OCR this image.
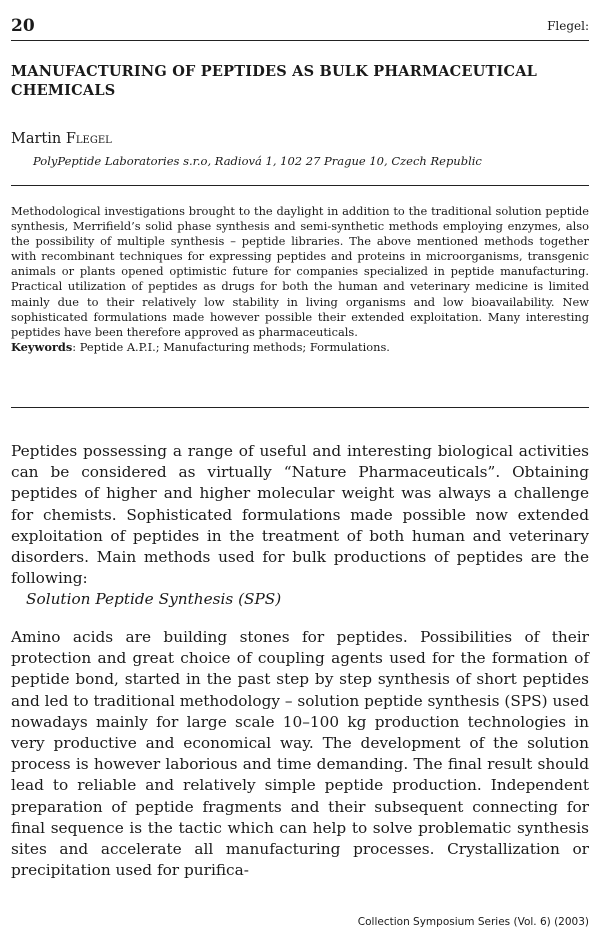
20	Flegel:
MANUFACTURING OF PEPTIDES AS BULK PHARMACEUTICAL CHEMICALS
Martin Flegel
PolyPeptide Laboratories s.r.o, Radiová 1, 102 27 Prague 10, Czech Republic
Methodological investigations brought to the daylight in addition to the traditional solution peptide synthesis, Merrifield’s solid phase synthesis and semi-synthetic methods employing enzymes, also the possibility of multiple synthesis – peptide libraries. The above mentioned methods together with recombinant techniques for expressing peptides and proteins in microorganisms, transgenic animals or plants opened optimistic future for companies specialized in peptide manufacturing. Practical utilization of peptides as drugs for both the human and veterinary medicine is limited mainly due to their relatively low stability in living organisms and low bioavailability. New sophisticated formulations made however possible their extended exploitation. Many interesting peptides have been therefore approved as pharmaceuticals.
Keywords: Peptide A.P.I.; Manufacturing methods; Formulations.
Peptides possessing a range of useful and interesting biological activities can be considered as virtually “Nature Pharmaceuticals”. Obtaining peptides of higher and higher molecular weight was always a challenge for chemists. Sophisticated formulations made possible now extended exploitation of peptides in the treatment of both human and veterinary disorders. Main methods used for bulk productions of peptides are the following:
Solution Peptide Synthesis (SPS)
Amino acids are building stones for peptides. Possibilities of their protection and great choice of coupling agents used for the formation of peptide bond, started in the past step by step synthesis of short peptides and led to traditional methodology – solution peptide synthesis (SPS) used nowadays mainly for large scale 10–100 kg production technologies in very productive and economical way. The development of the solution process is however laborious and time demanding. The final result should lead to reliable and relatively simple peptide production. Independent preparation of peptide fragments and their subsequent connecting for final sequence is the tactic which can help to solve problematic synthesis sites and accelerate all manufacturing processes. Crystallization or precipitation used for purifica-
Collection Symposium Series (Vol. 6) (2003)
